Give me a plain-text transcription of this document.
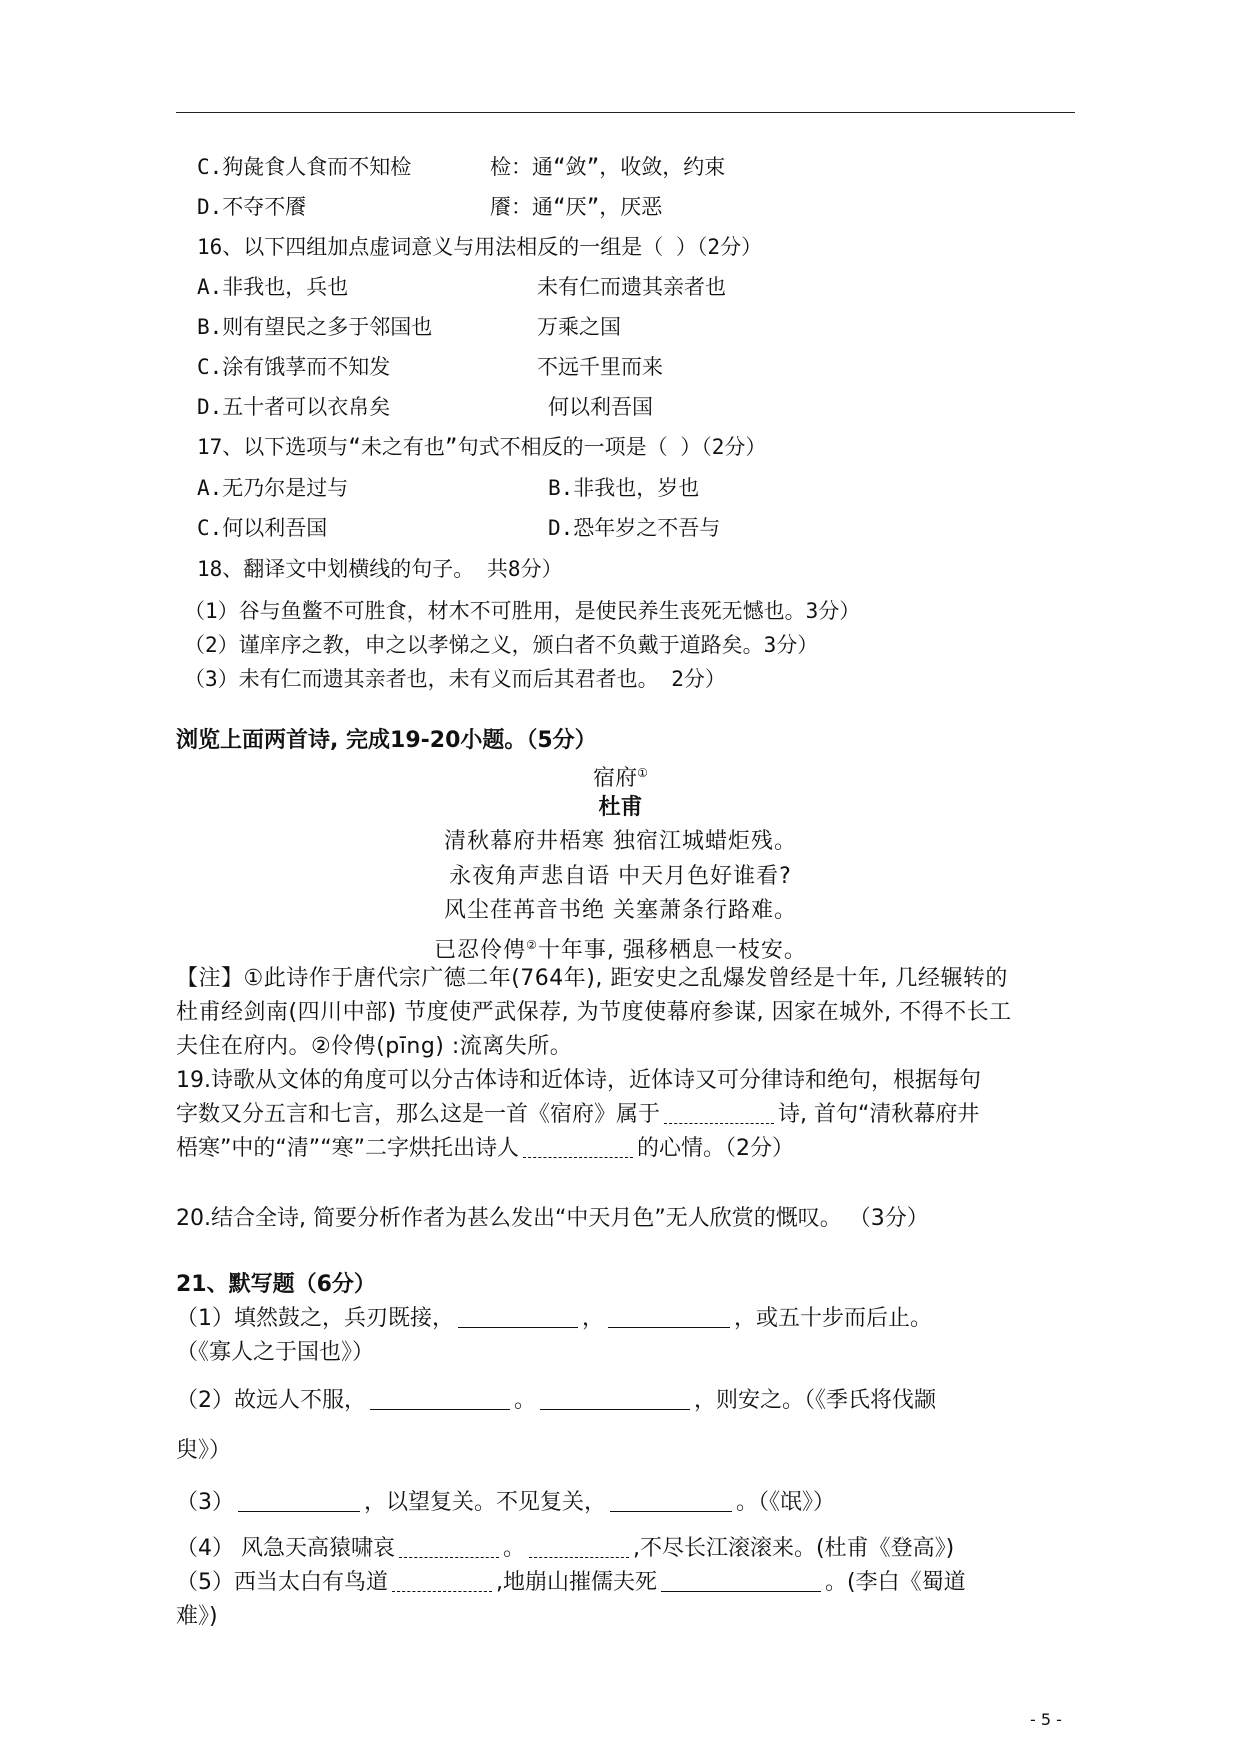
C.狗彘食人食而不知检	检：通“敛”，收敛，约束
D.不夺不餍	餍：通“厌”，厌恶
16、以下四组加点虚词意义与用法相反的一组是（ ）（2分）
A.非我也，兵也	未有仁而遗其亲者也
B.则有望民之多于邻国也	万乘之国
C.涂有饿莩而不知发	不远千里而来
D.五十者可以衣帛矣	何以利吾国
17、以下选项与“未之有也”句式不相反的一项是（ ）（2分）
A.无乃尔是过与	B.非我也，岁也
C.何以利吾国	D.恐年岁之不吾与
18、翻译文中划横线的句子。 共8分）
（1）谷与鱼鳖不可胜食，材木不可胜用，是使民养生丧死无憾也。3分）
（2）谨庠序之教，申之以孝悌之义，颁白者不负戴于道路矣。3分）
（3）未有仁而遗其亲者也，未有义而后其君者也。 2分）
浏览上面两首诗, 完成19-20小题。（5分）
宿府①
杜甫
清秋幕府井梧寒 独宿江城蜡炬残。
永夜角声悲自语 中天月色好谁看?
风尘荏苒音书绝 关塞萧条行路难。
已忍伶俜②十年事, 强移栖息一枝安。
【注】①此诗作于唐代宗广德二年(764年), 距安史之乱爆发曾经是十年, 几经辗转的
杜甫经剑南(四川中部) 节度使严武保荐, 为节度使幕府参谋, 因家在城外, 不得不长工
夫住在府内。②伶俜(pīng) :流离失所。
19.诗歌从文体的角度可以分古体诗和近体诗，近体诗又可分律诗和绝句，根据每句
字数又分五言和七言，那么这是一首《宿府》属于	诗, 首句“清秋幕府井
梧寒”中的“清”“寒”二字烘托出诗人	的心情。（2分）
20.结合全诗, 简要分析作者为甚么发出“中天月色”无人欣赏的慨叹。 （3分）
21、默写题（6分）
（1）填然鼓之，兵刃既接，	，	，或五十步而后止。
（《寡人之于国也》）
（2）故远人不服，	。	，则安之。（《季氏将伐颛
臾》）
（3）	，以望复关。不见复关，	。（《氓》）
（4） 风急天高猿啸哀	。	,不尽长江滚滚来。(杜甫《登高》)
（5）西当太白有鸟道	,地崩山摧儒夫死	。(李白《蜀道
难》)
- 5 -
